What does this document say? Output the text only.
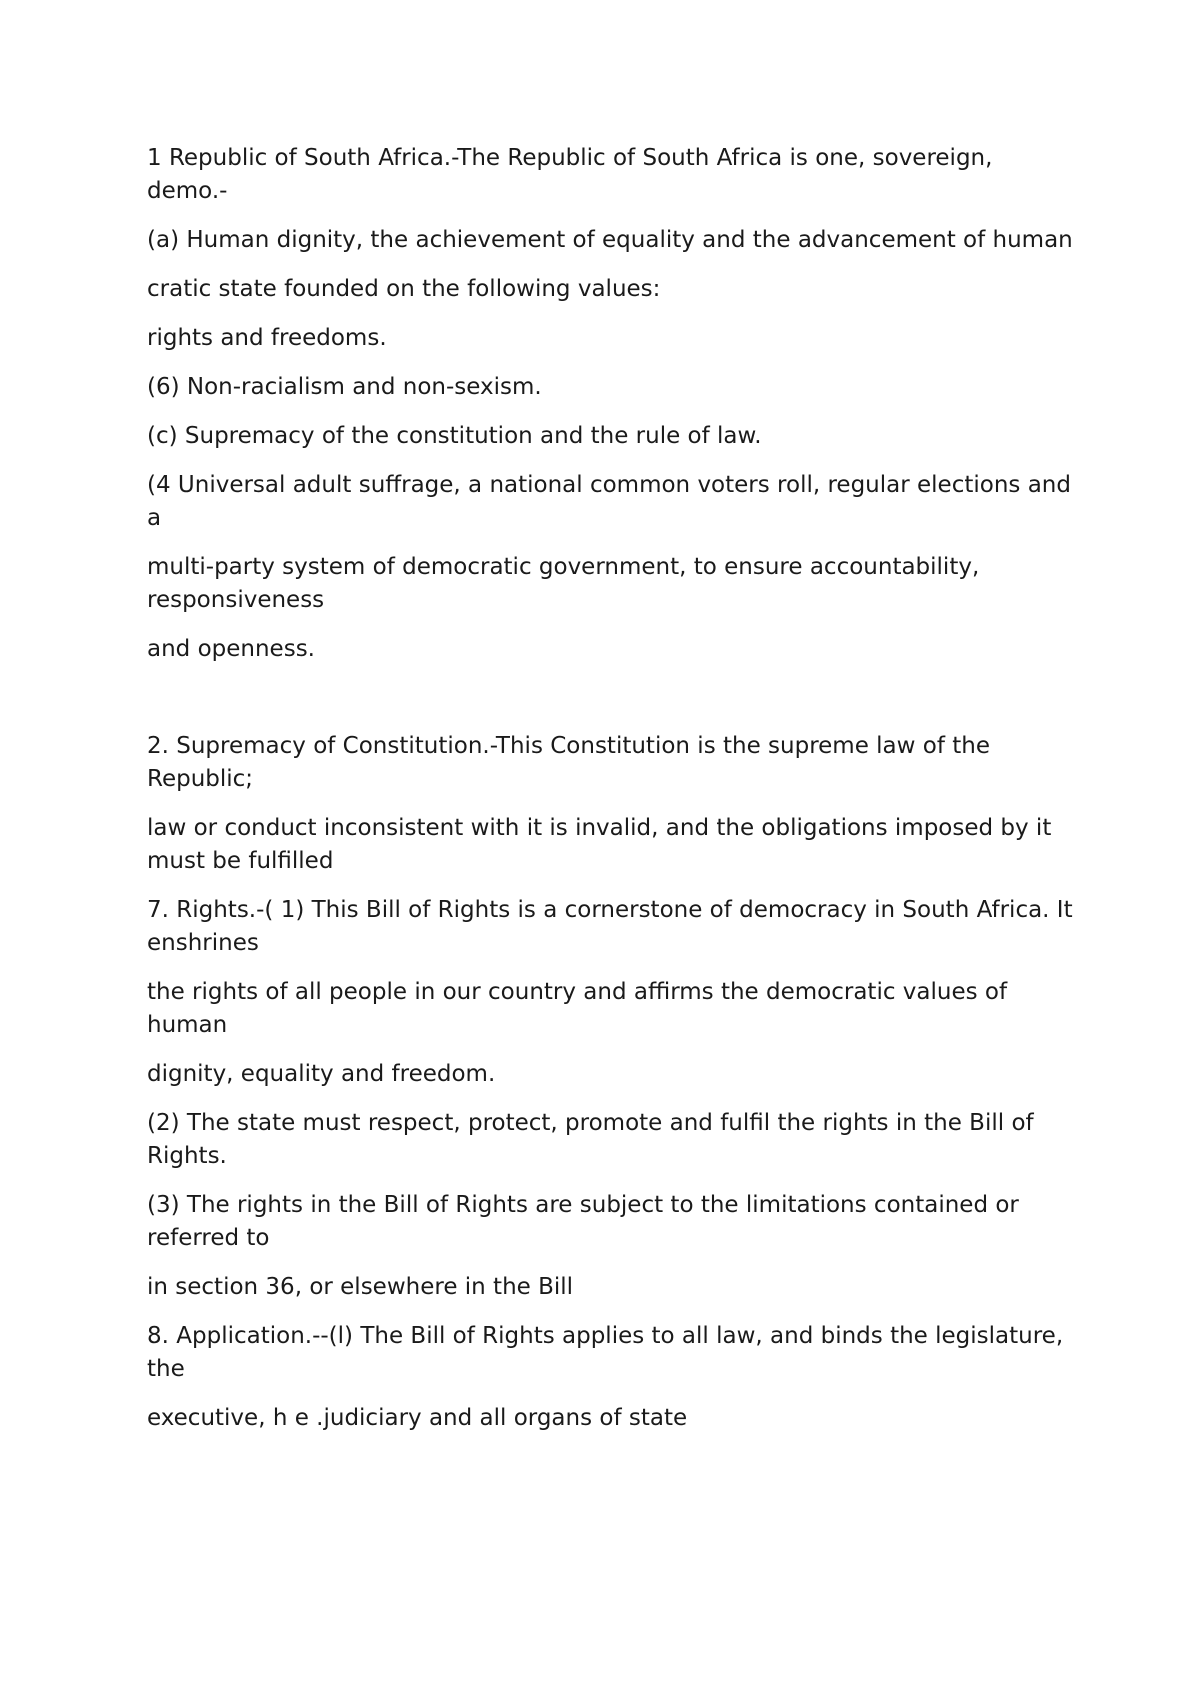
1 Republic of South Africa.-The Republic of South Africa is one, sovereign, demo.-

(a) Human dignity, the achievement of equality and the advancement of human

cratic state founded on the following values:

rights and freedoms.

(6) Non-racialism and non-sexism.

(c) Supremacy of the constitution and the rule of law.

(4 Universal adult suffrage, a national common voters roll, regular elections and a

multi-party system of democratic government, to ensure accountability, responsiveness

and openness.

2. Supremacy of Constitution.-This Constitution is the supreme law of the Republic;

law or conduct inconsistent with it is invalid, and the obligations imposed by it must be fulfilled

7. Rights.-( 1) This Bill of Rights is a cornerstone of democracy in South Africa. It enshrines

the rights of all people in our country and affirms the democratic values of human

dignity, equality and freedom.

(2) The state must respect, protect, promote and fulfil the rights in the Bill of Rights.

(3) The rights in the Bill of Rights are subject to the limitations contained or referred to

in section 36, or elsewhere in the Bill

8. Application.--(l) The Bill of Rights applies to all law, and binds the legislature, the

executive, h e .judiciary and all organs of state
